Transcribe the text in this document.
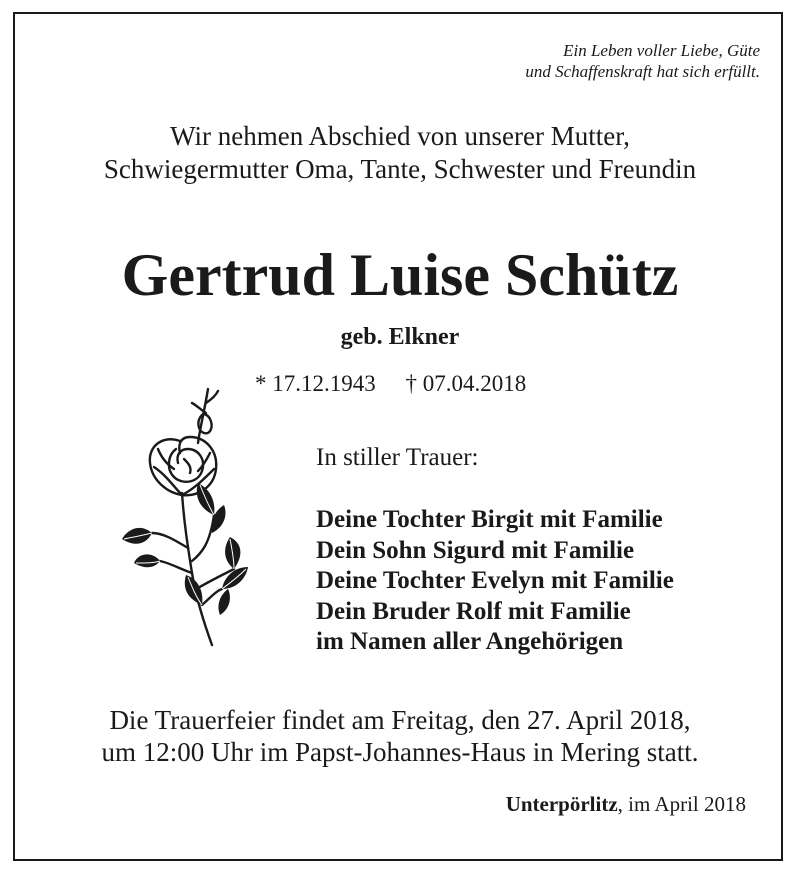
Ein Leben voller Liebe, Güte
und Schaffenskraft hat sich erfüllt.
Wir nehmen Abschied von unserer Mutter,
Schwiegermutter Oma, Tante, Schwester und Freundin
Gertrud Luise Schütz
geb. Elkner
* 17.12.1943 † 07.04.2018
In stiller Trauer:
Deine Tochter Birgit mit Familie
Dein Sohn Sigurd mit Familie
Deine Tochter Evelyn mit Familie
Dein Bruder Rolf mit Familie
im Namen aller Angehörigen
Die Trauerfeier findet am Freitag, den 27. April 2018,
um 12:00 Uhr im Papst-Johannes-Haus in Mering statt.
Unterpörlitz, im April 2018
